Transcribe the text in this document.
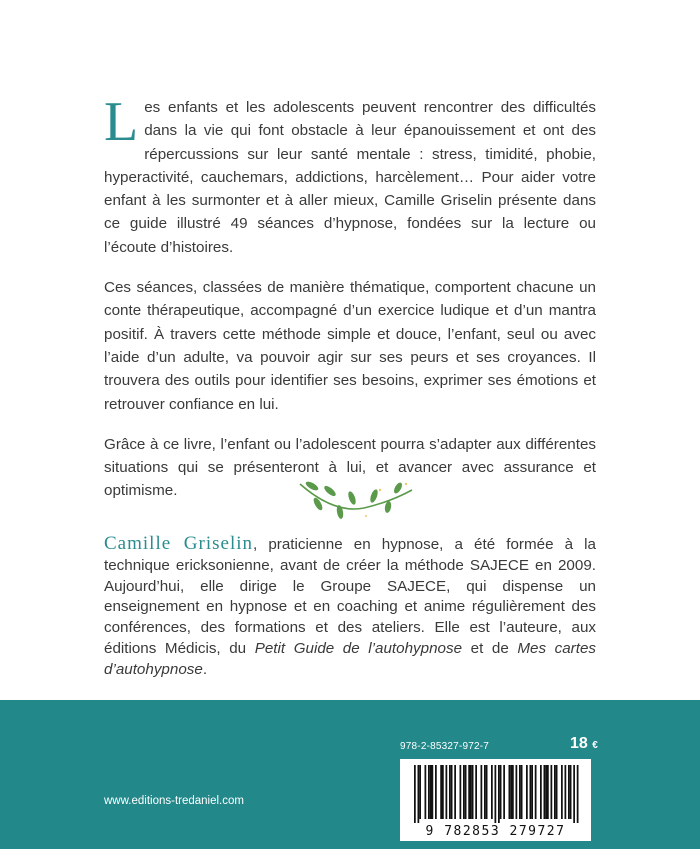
Les enfants et les adolescents peuvent rencontrer des difficultés dans la vie qui font obstacle à leur épanouissement et ont des répercussions sur leur santé mentale : stress, timidité, phobie, hyperactivité, cauchemars, addictions, harcèlement… Pour aider votre enfant à les surmonter et à aller mieux, Camille Griselin présente dans ce guide illustré 49 séances d’hypnose, fondées sur la lecture ou l’écoute d’histoires.

Ces séances, classées de manière thématique, comportent chacune un conte thérapeutique, accompagné d’un exercice ludique et d’un mantra positif. À travers cette méthode simple et douce, l’enfant, seul ou avec l’aide d’un adulte, va pouvoir agir sur ses peurs et ses croyances. Il trouvera des outils pour identifier ses besoins, exprimer ses émotions et retrouver confiance en lui.

Grâce à ce livre, l’enfant ou l’adolescent pourra s’adapter aux différentes situations qui se présenteront à lui, et avancer avec assurance et optimisme.

Camille Griselin, praticienne en hypnose, a été formée à la technique ericksonienne, avant de créer la méthode SAJECE en 2009. Aujourd’hui, elle dirige le Groupe SAJECE, qui dispense un enseignement en hypnose et en coaching et anime régulièrement des conférences, des formations et des ateliers. Elle est l’auteure, aux éditions Médicis, du Petit Guide de l’autohypnose et de Mes cartes d’autohypnose.
www.editions-tredaniel.com
978-2-85327-972-7	18 €
9 782853 279727
